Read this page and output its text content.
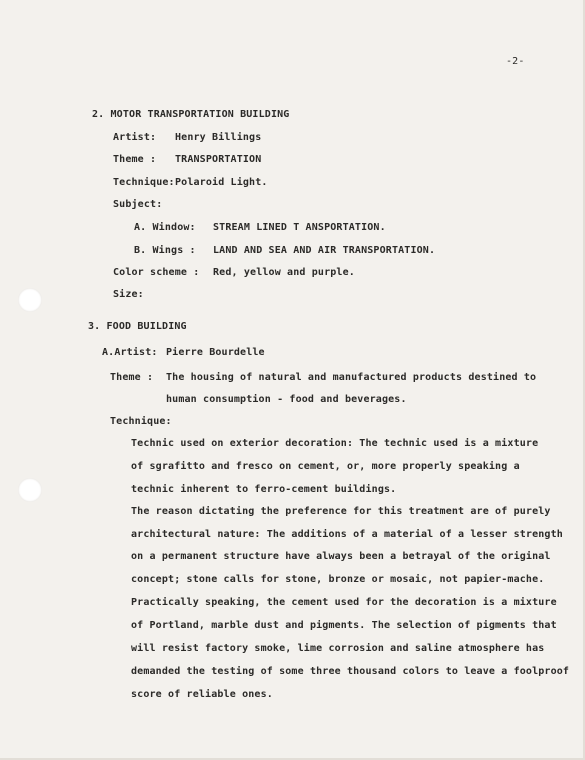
-2-
2. MOTOR TRANSPORTATION BUILDING
Artist: Henry Billings
Theme : TRANSPORTATION
Technique: Polaroid Light.
Subject:
A. Window: STREAM LINED T ANSPORTATION.
B. Wings : LAND AND SEA AND AIR TRANSPORTATION.
Color scheme : Red, yellow and purple.
Size:
3. FOOD BUILDING
A.Artist: Pierre Bourdelle
Theme : The housing of natural and manufactured products destined to
human consumption - food and beverages.
Technique:
Technic used on exterior decoration: The technic used is a mixture
of sgrafitto and fresco on cement, or, more properly speaking a
technic inherent to ferro-cement buildings.
The reason dictating the preference for this treatment are of purely
architectural nature: The additions of a material of a lesser strength
on a permanent structure have always been a betrayal of the original
concept; stone calls for stone, bronze or mosaic, not papier-mache.
Practically speaking, the cement used for the decoration is a mixture
of Portland, marble dust and pigments. The selection of pigments that
will resist factory smoke, lime corrosion and saline atmosphere has
demanded the testing of some three thousand colors to leave a foolproof
score of reliable ones.
